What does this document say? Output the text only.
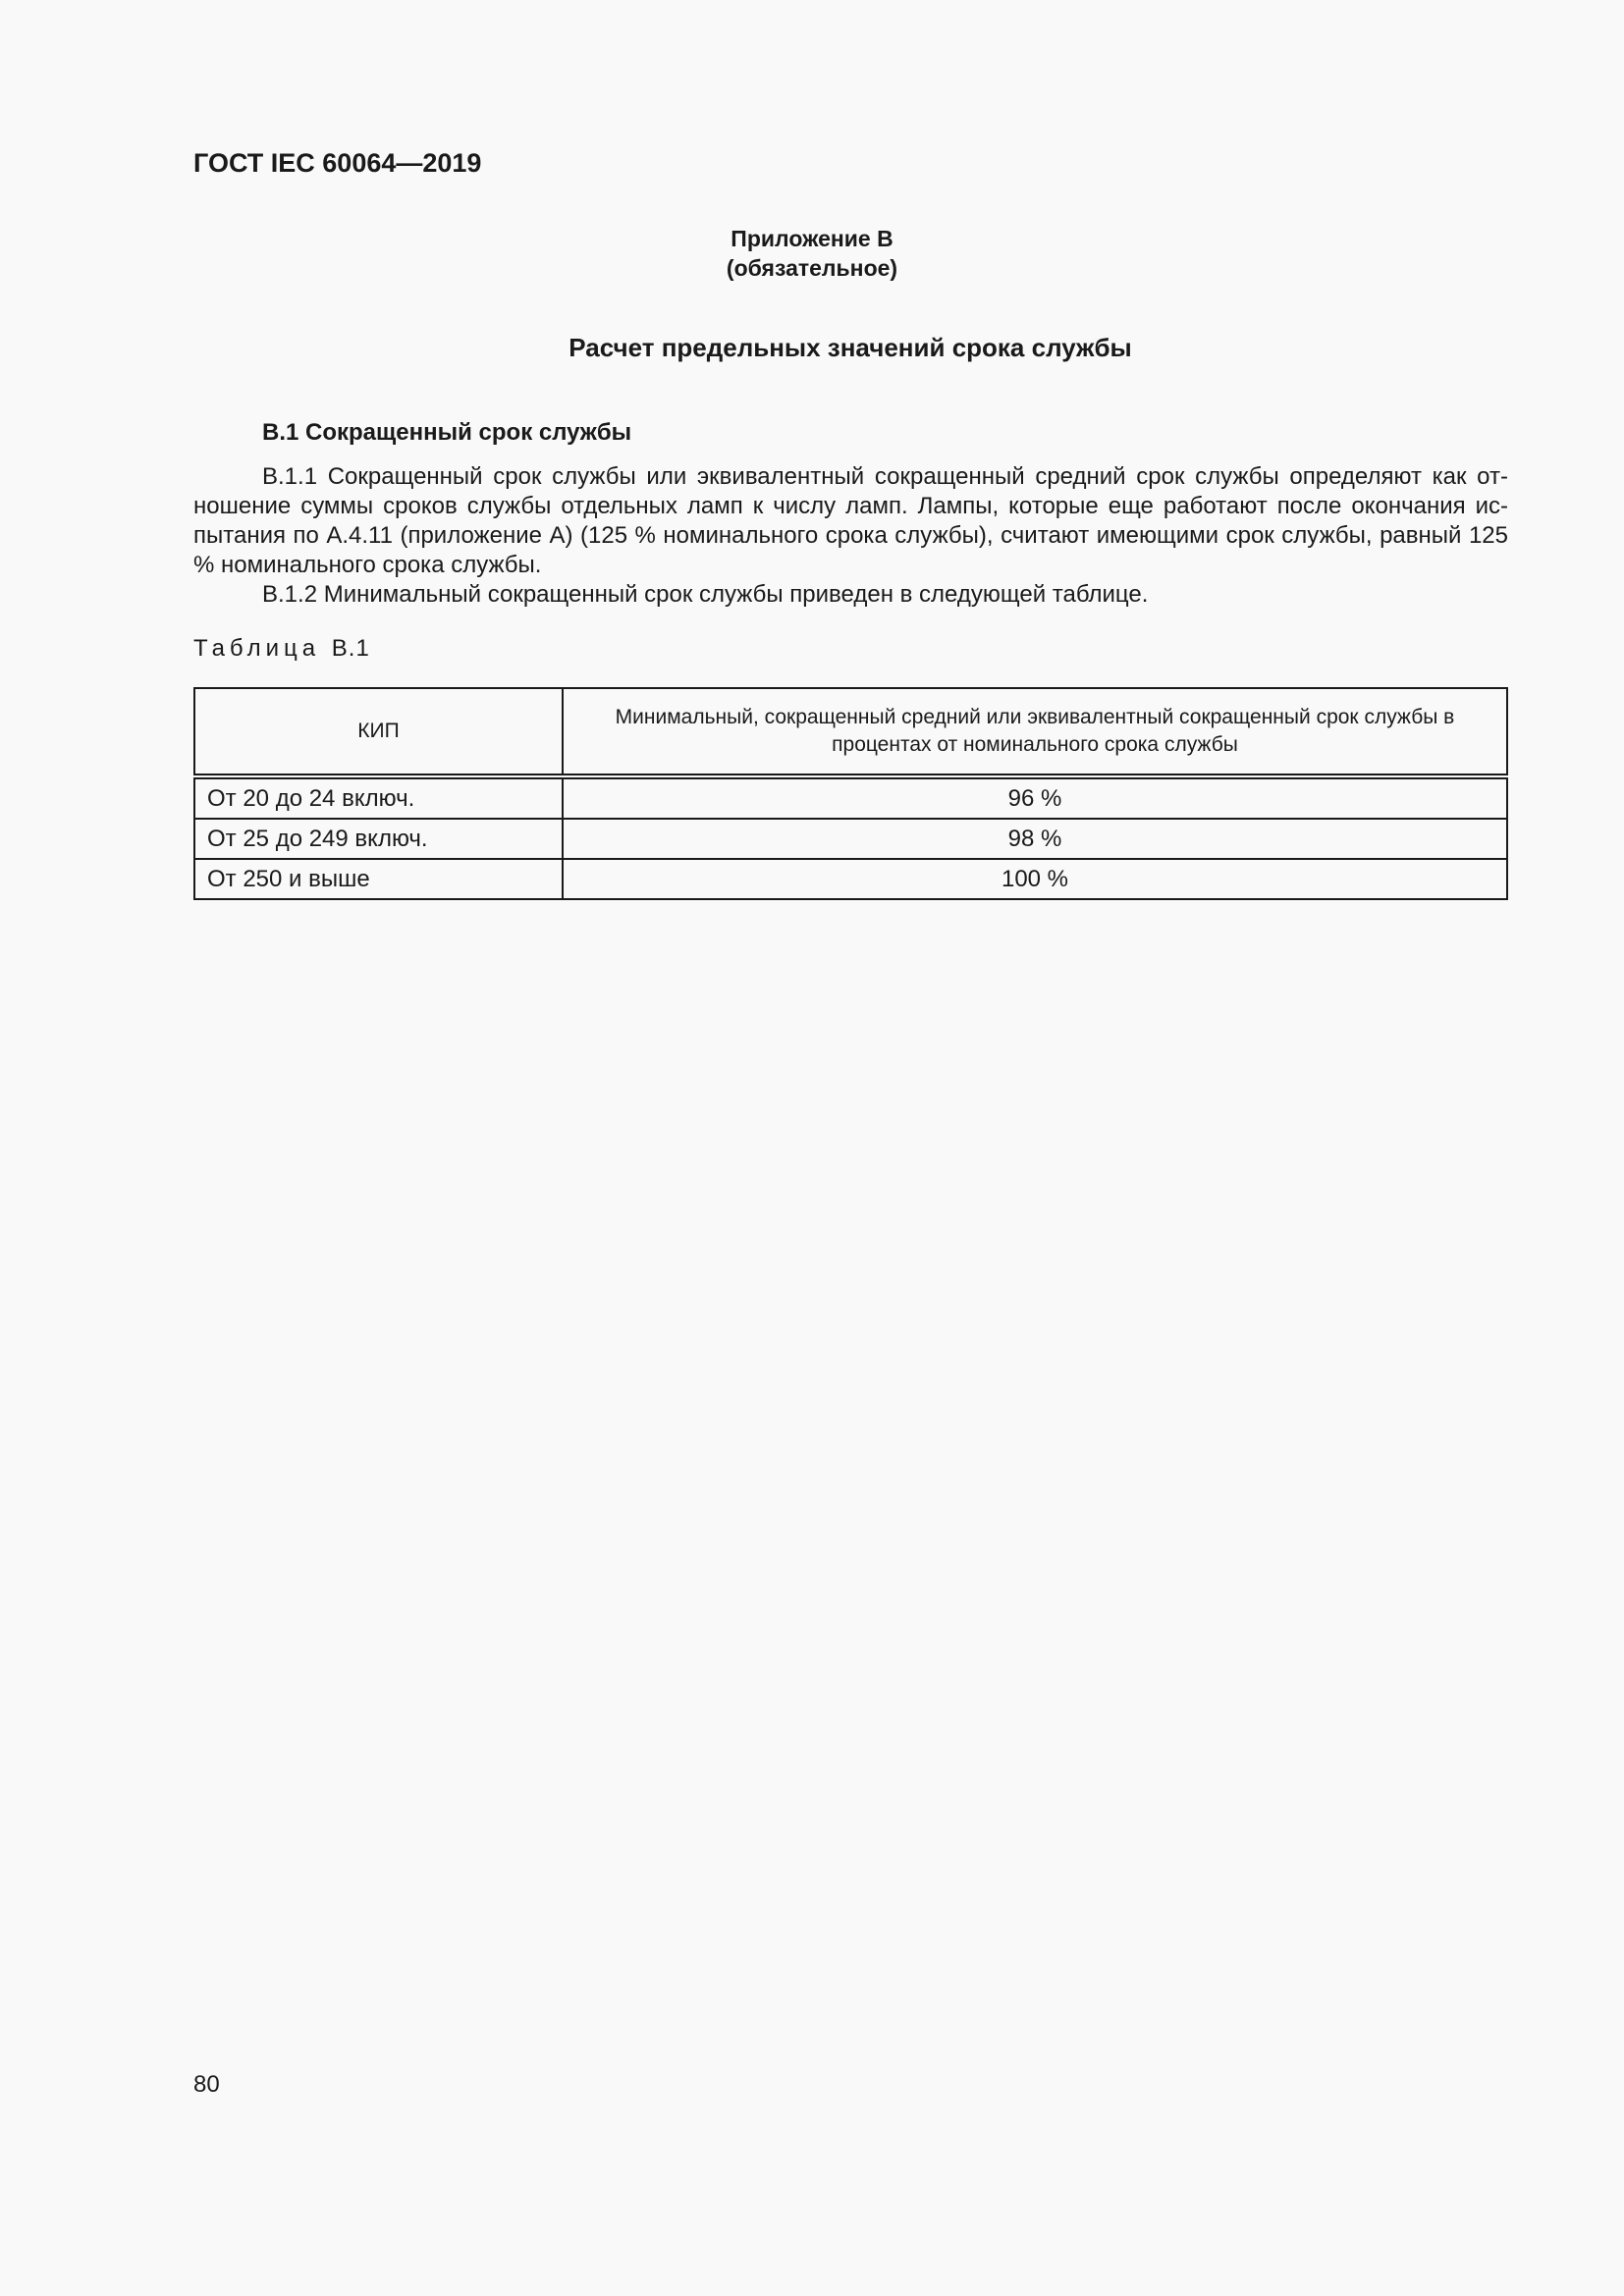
ГОСТ IEC 60064—2019
Приложение В
(обязательное)
Расчет предельных значений срока службы
В.1 Сокращенный срок службы

В.1.1 Сокращенный срок службы или эквивалентный сокращенный средний срок службы определяют как отношение суммы сроков службы отдельных ламп к числу ламп. Лампы, которые еще работают после окончания испытания по А.4.11 (приложение А) (125 % номинального срока службы), считают имеющими срок службы, равный 125 % номинального срока службы.

В.1.2 Минимальный сокращенный срок службы приведен в следующей таблице.

Таблица В.1

КИП	Минимальный, сокращенный средний или эквивалентный сокращенный срок службы в процентах от номинального срока службы
От 20 до 24 включ.	96 %
От 25 до 249 включ.	98 %
От 250 и выше	100 %

80
